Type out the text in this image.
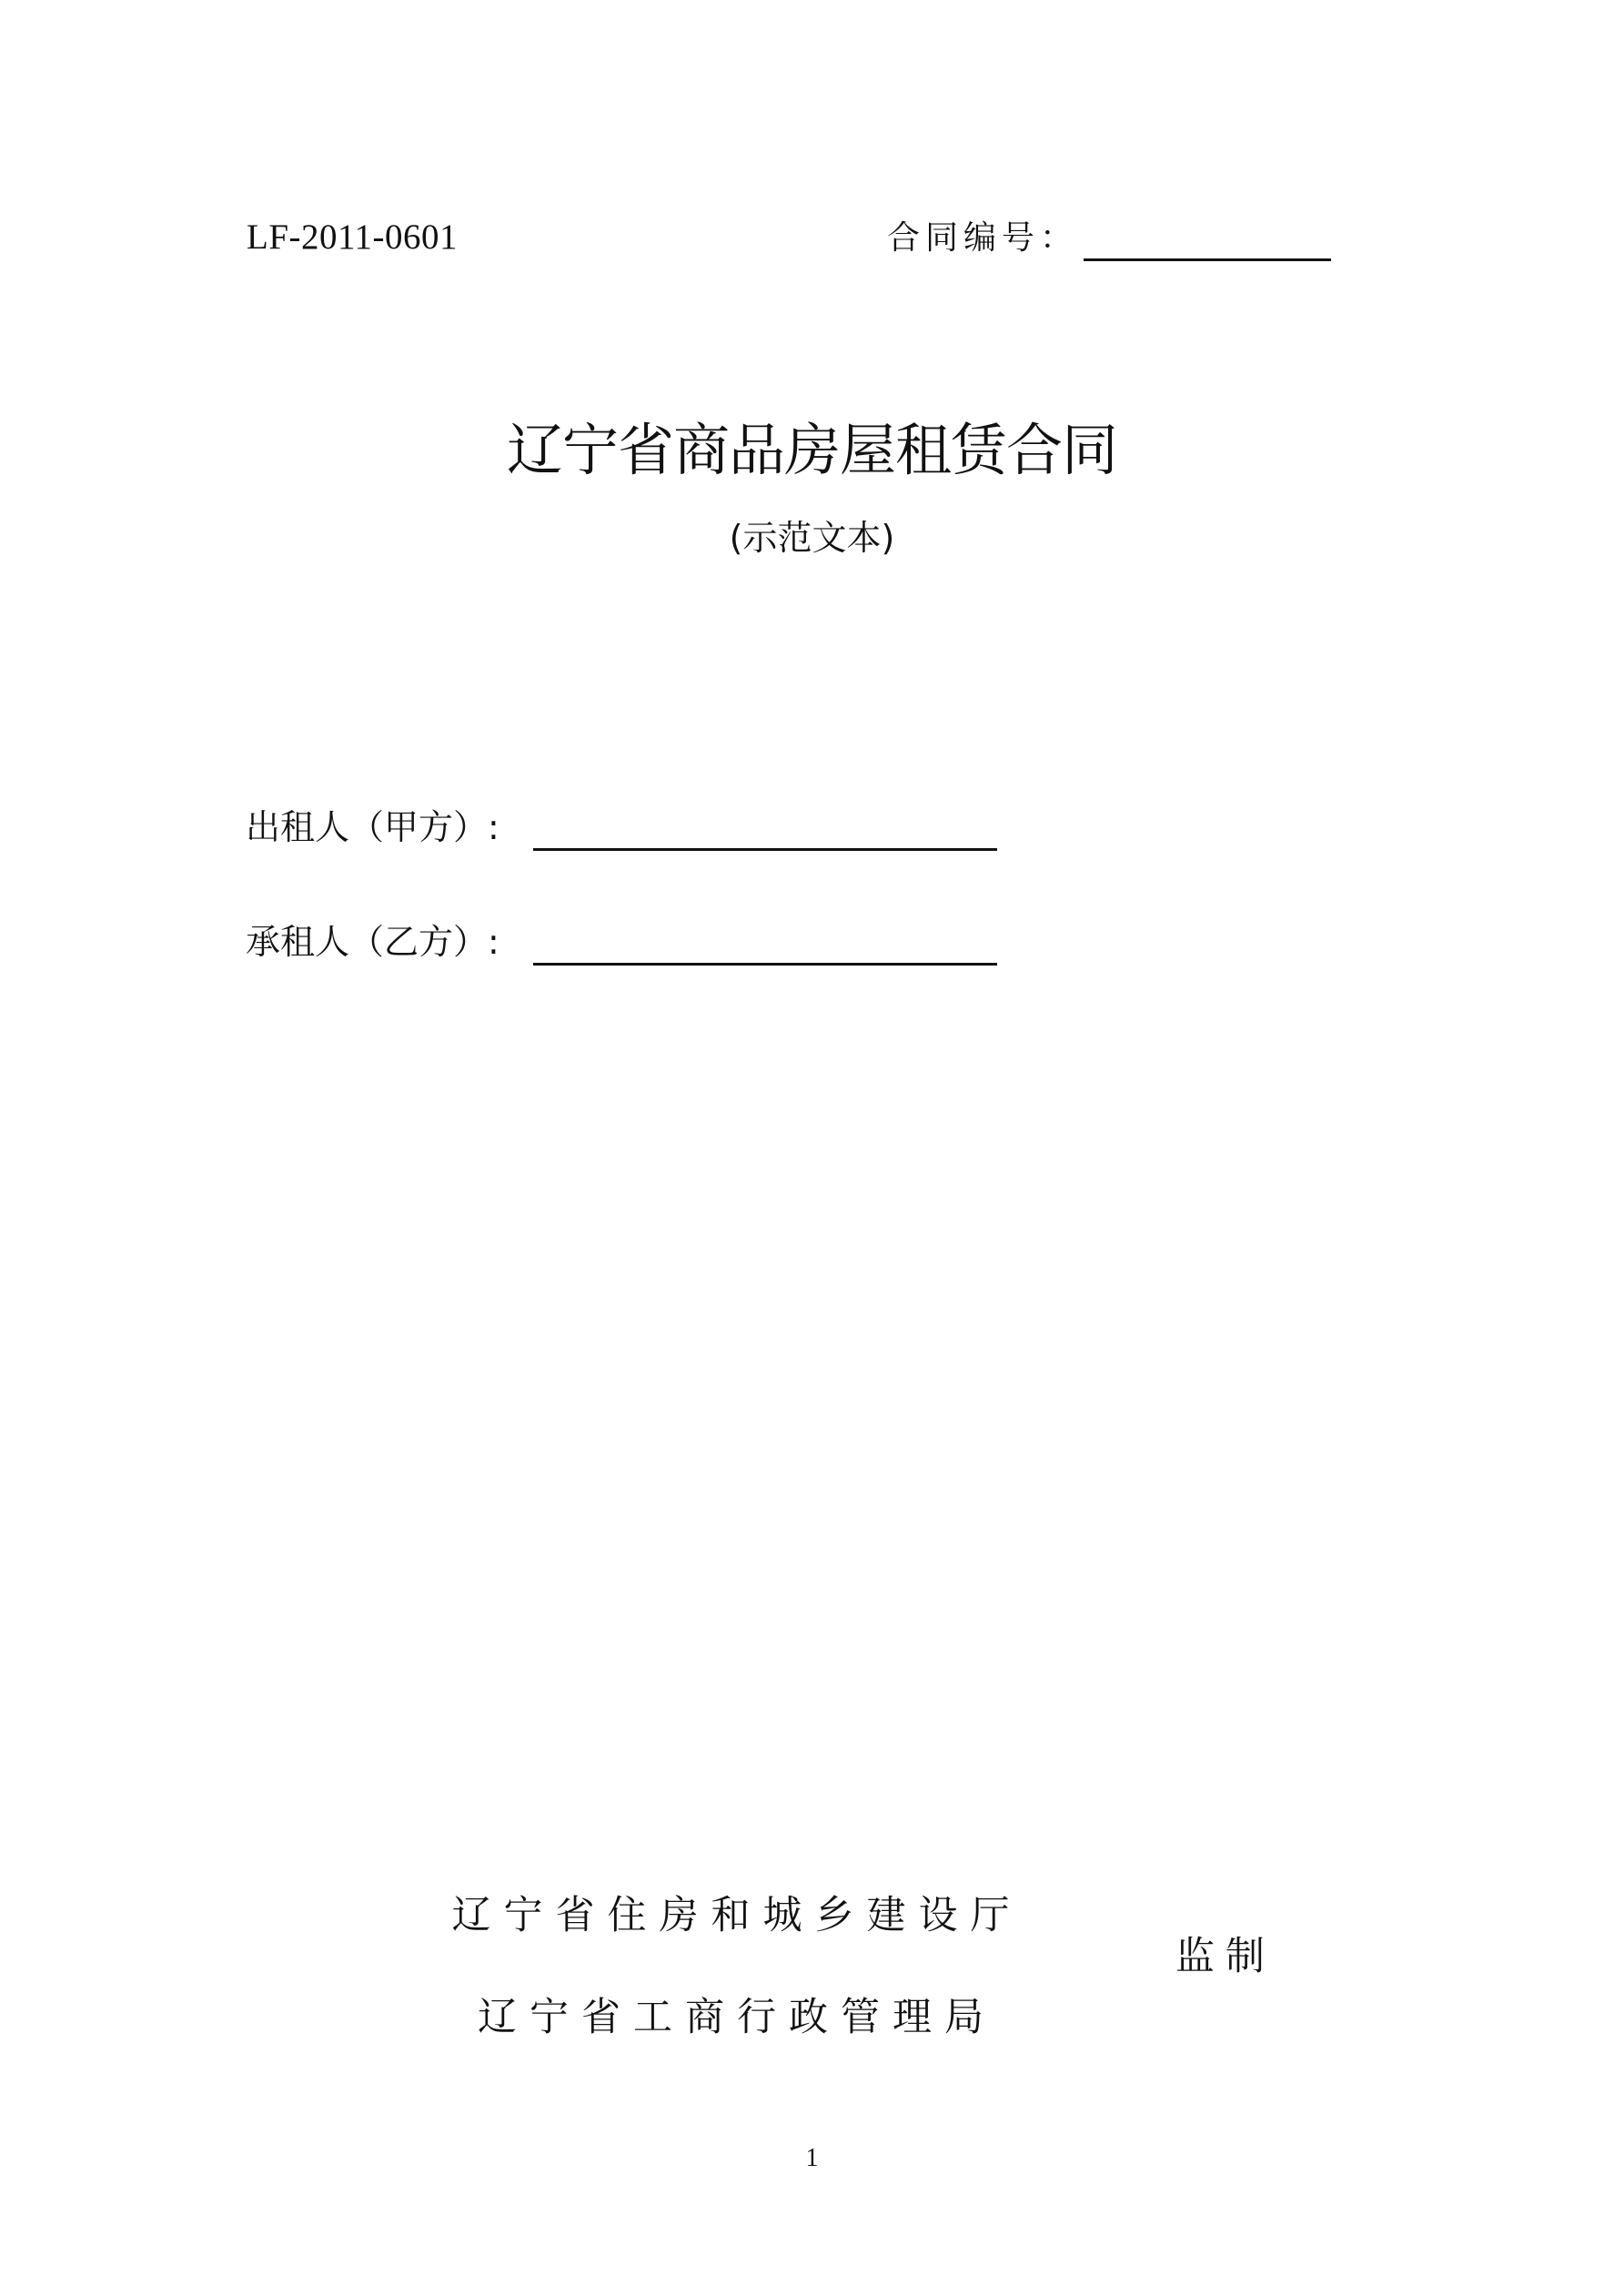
LF-2011-0601	合同编号：
辽宁省商品房屋租赁合同
(示范文本)
出租人（甲方）:
承租人（乙方）:
辽宁省住房和城乡建设厅
辽宁省工商行政管理局
监制
1
